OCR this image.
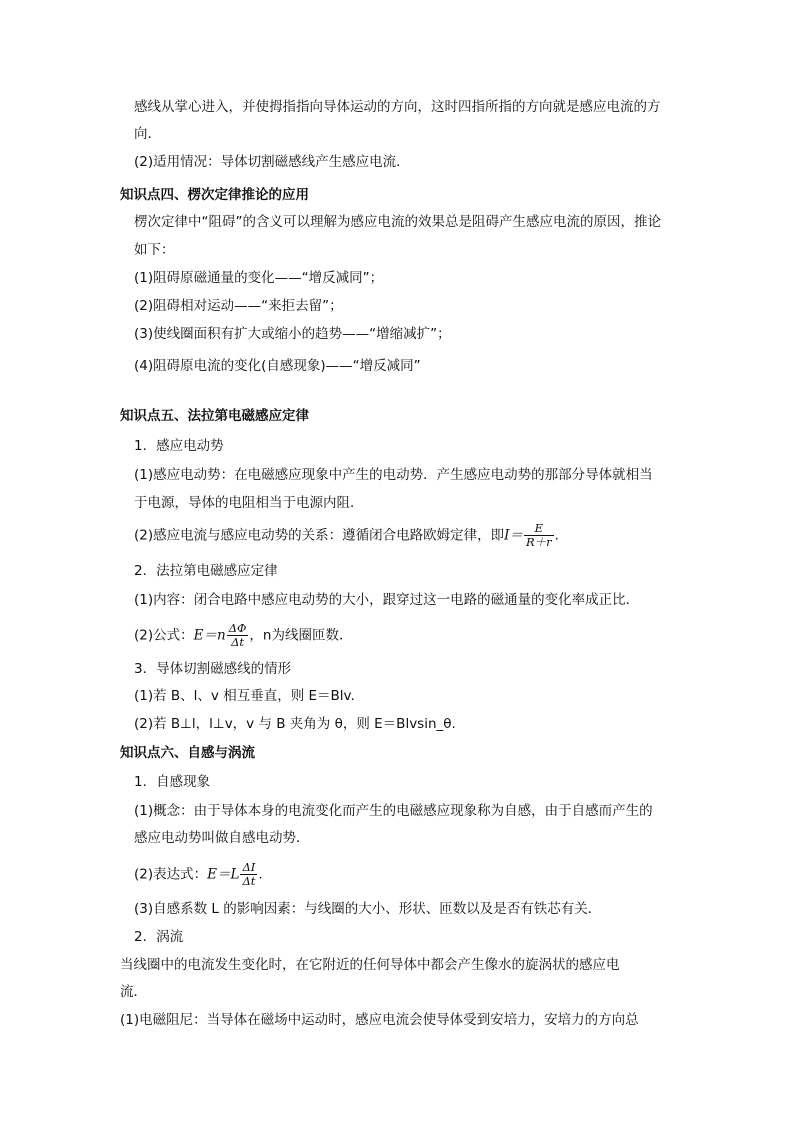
感线从掌心进入，并使拇指指向导体运动的方向，这时四指所指的方向就是感应电流的方
向．
(2)适用情况：导体切割磁感线产生感应电流．
知识点四、楞次定律推论的应用
楞次定律中“阻碍”的含义可以理解为感应电流的效果总是阻碍产生感应电流的原因，推论
如下：
(1)阻碍原磁通量的变化——“增反减同”；
(2)阻碍相对运动——“来拒去留”；
(3)使线圈面积有扩大或缩小的趋势——“增缩减扩”；
(4)阻碍原电流的变化(自感现象)——“增反减同”
知识点五、法拉第电磁感应定律
1．感应电动势
(1)感应电动势：在电磁感应现象中产生的电动势．产生感应电动势的那部分导体就相当
于电源，导体的电阻相当于电源内阻．
(2)感应电流与感应电动势的关系：遵循闭合电路欧姆定律，即$I= \frac{E}{R+r}$ .
2．法拉第电磁感应定律
(1)内容：闭合电路中感应电动势的大小，跟穿过这一电路的磁通量的变化率成正比．
(2)公式：$E=n \frac{\Delta\Phi}{\Delta t}$ ，n为线圈匝数．
3．导体切割磁感线的情形
(1)若 B、l、v 相互垂直，则 E＝Blv.
(2)若 B⊥l，l⊥v，v 与 B 夹角为 θ，则 E＝Blvsin_θ.
知识点六、自感与涡流
1．自感现象
(1)概念：由于导体本身的电流变化而产生的电磁感应现象称为自感，由于自感而产生的
感应电动势叫做自感电动势．
(2)表达式：$E=L \frac{\Delta I}{\Delta t}$ .
(3)自感系数 L 的影响因素：与线圈的大小、形状、匝数以及是否有铁芯有关．
2．涡流
当线圈中的电流发生变化时，在它附近的任何导体中都会产生像水的旋涡状的感应电
流．
(1)电磁阻尼：当导体在磁场中运动时，感应电流会使导体受到安培力，安培力的方向总
